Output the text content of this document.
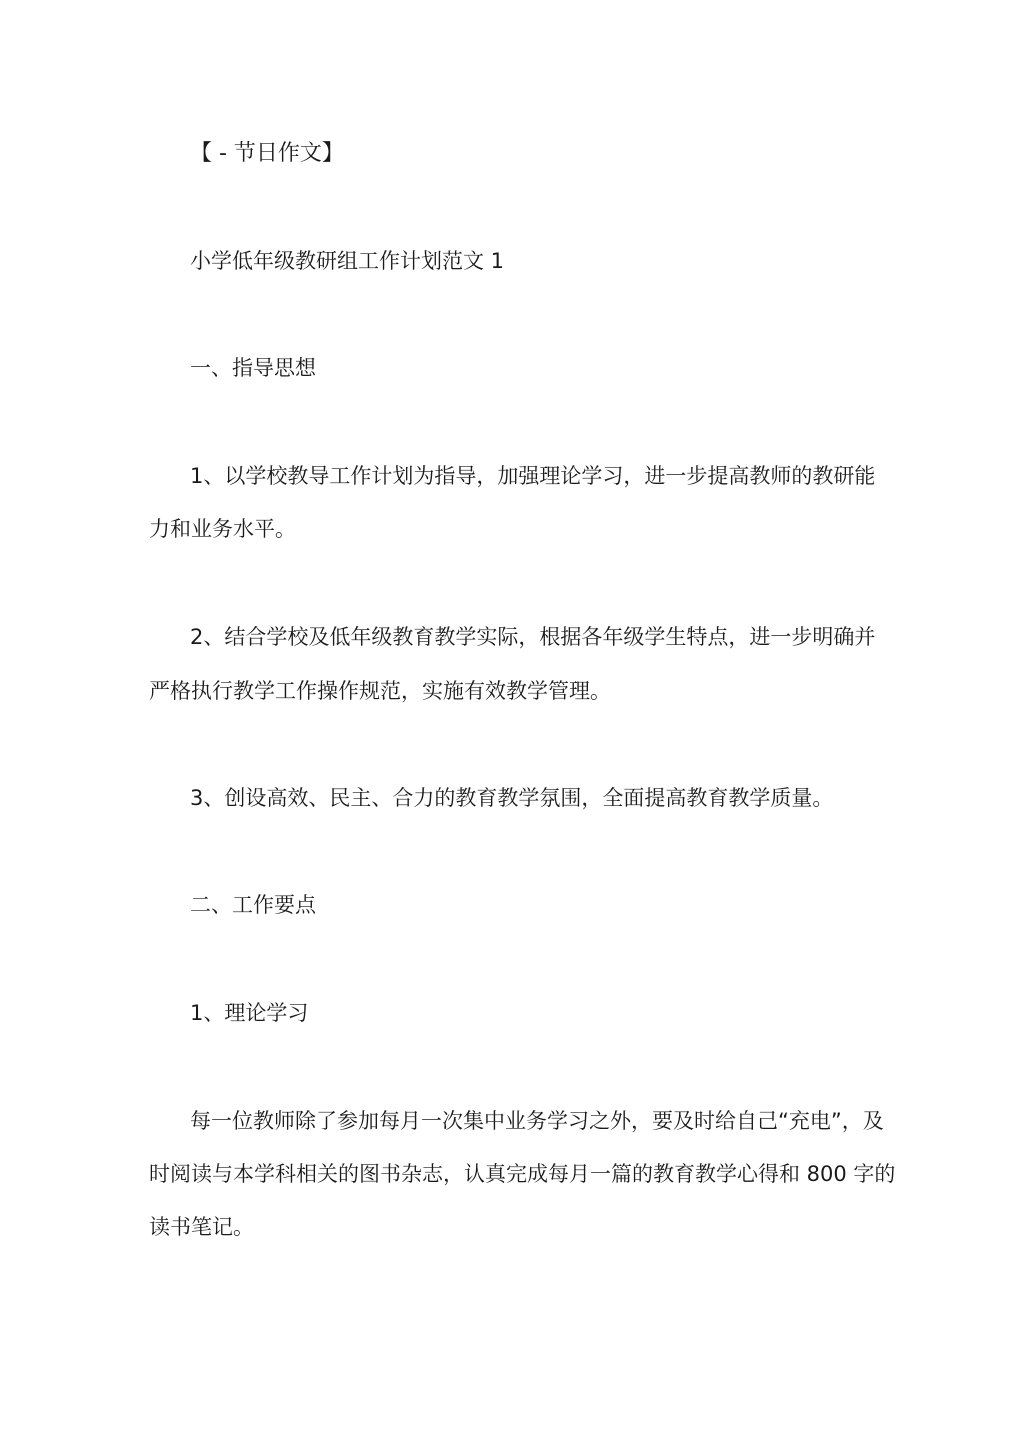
【 - 节日作文】
小学低年级教研组工作计划范文 1
一、指导思想
1、以学校教导工作计划为指导，加强理论学习，进一步提高教师的教研能
力和业务水平。
2、结合学校及低年级教育教学实际，根据各年级学生特点，进一步明确并
严格执行教学工作操作规范，实施有效教学管理。
3、创设高效、民主、合力的教育教学氛围，全面提高教育教学质量。
二、工作要点
1、理论学习
每一位教师除了参加每月一次集中业务学习之外，要及时给自己“充电”，及
时阅读与本学科相关的图书杂志，认真完成每月一篇的教育教学心得和 800 字的
读书笔记。
